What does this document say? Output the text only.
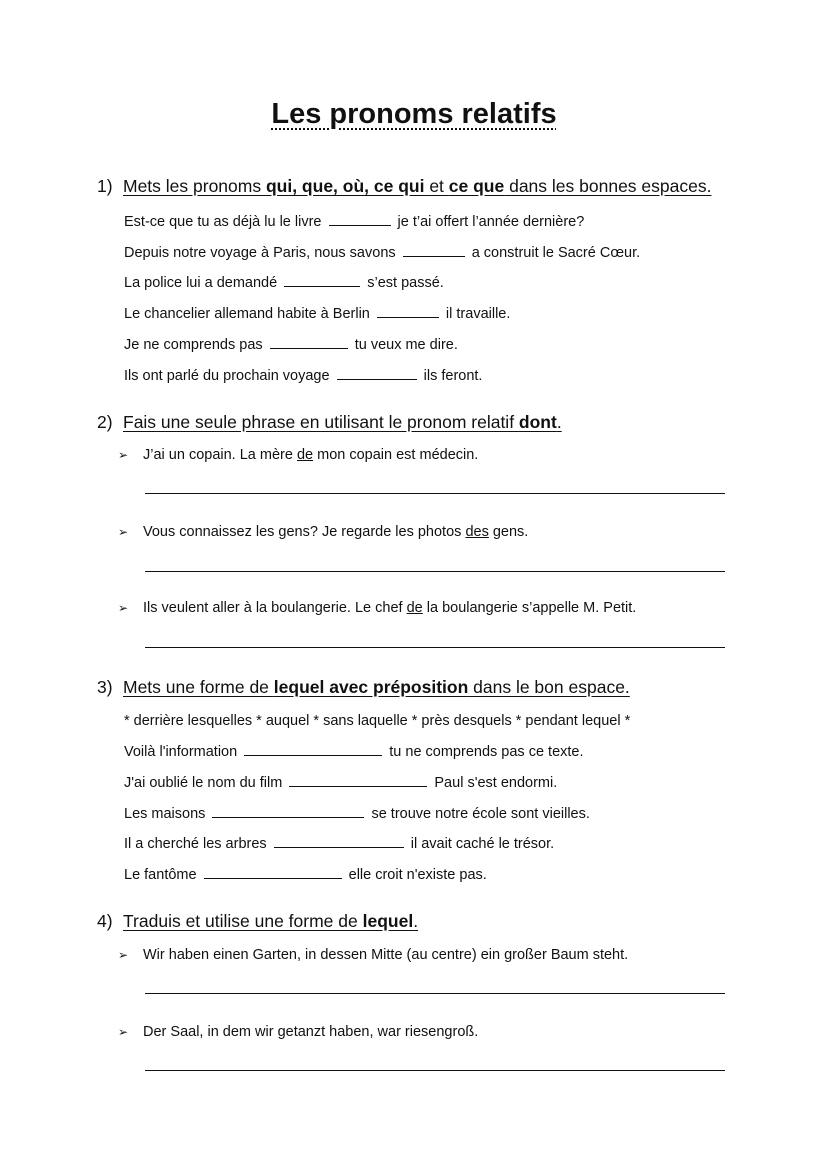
Les pronoms relatifs
1) Mets les pronoms qui, que, où, ce qui et ce que dans les bonnes espaces.
Est-ce que tu as déjà lu le livre	je t’ai offert l’année dernière?
Depuis notre voyage à Paris, nous savons	a construit le Sacré Cœur.
La police lui a demandé	s’est passé.
Le chancelier allemand habite à Berlin	il travaille.
Je ne comprends pas	tu veux me dire.
Ils ont parlé du prochain voyage	ils feront.
2) Fais une seule phrase en utilisant le pronom relatif dont.
➢ J’ai un copain. La mère de mon copain est médecin.
➢ Vous connaissez les gens? Je regarde les photos des gens.
➢ Ils veulent aller à la boulangerie. Le chef de la boulangerie s’appelle M. Petit.
3) Mets une forme de lequel avec préposition dans le bon espace.
* derrière lesquelles * auquel * sans laquelle * près desquels * pendant lequel *
Voilà l'information	tu ne comprends pas ce texte.
J'ai oublié le nom du film	Paul s'est endormi.
Les maisons	se trouve notre école sont vieilles.
Il a cherché les arbres	il avait caché le trésor.
Le fantôme	elle croit n'existe pas.
4) Traduis et utilise une forme de lequel.
➢ Wir haben einen Garten, in dessen Mitte (au centre) ein großer Baum steht.
➢ Der Saal, in dem wir getanzt haben, war riesengroß.
